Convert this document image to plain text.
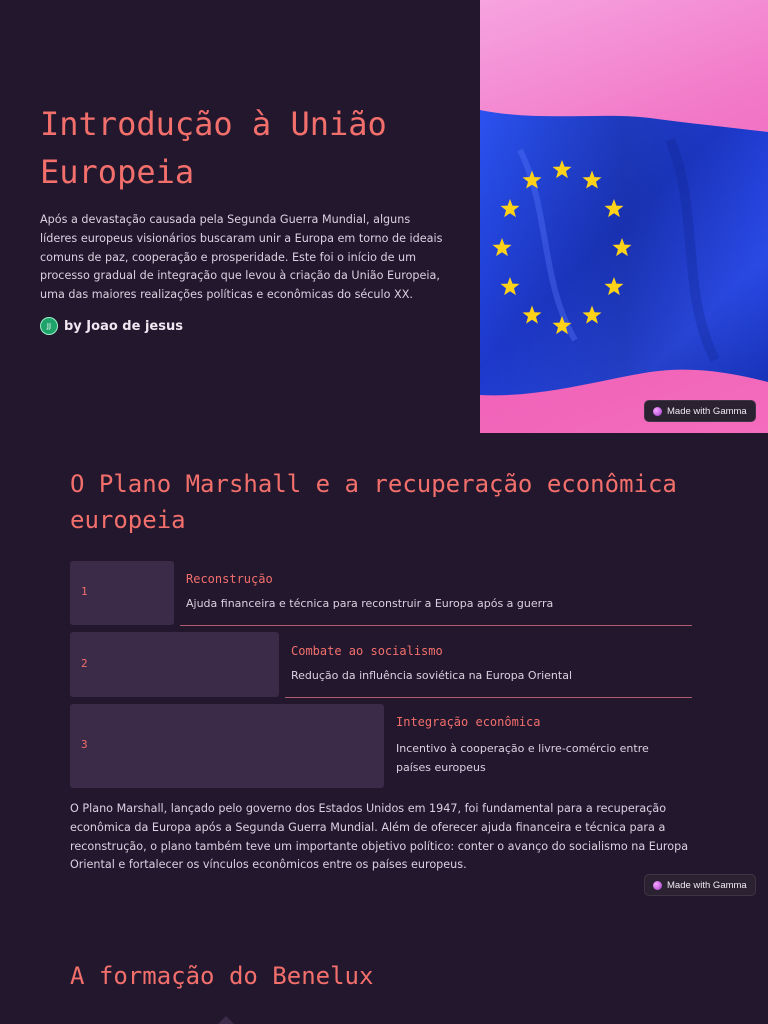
Introdução à União Europeia

Após a devastação causada pela Segunda Guerra Mundial, alguns líderes europeus visionários buscaram unir a Europa em torno de ideais comuns de paz, cooperação e prosperidade. Este foi o início de um processo gradual de integração que levou à criação da União Europeia, uma das maiores realizações políticas e econômicas do século XX.

JJ by Joao de jesus
Made with Gamma
O Plano Marshall e a recuperação econômica europeia
1
Reconstrução
Ajuda financeira e técnica para reconstruir a Europa após a guerra
2
Combate ao socialismo
Redução da influência soviética na Europa Oriental
3
Integração econômica
Incentivo à cooperação e livre-comércio entre países europeus

O Plano Marshall, lançado pelo governo dos Estados Unidos em 1947, foi fundamental para a recuperação econômica da Europa após a Segunda Guerra Mundial. Além de oferecer ajuda financeira e técnica para a reconstrução, o plano também teve um importante objetivo político: conter o avanço do socialismo na Europa Oriental e fortalecer os vínculos econômicos entre os países europeus.

Made with Gamma
A formação do Benelux
